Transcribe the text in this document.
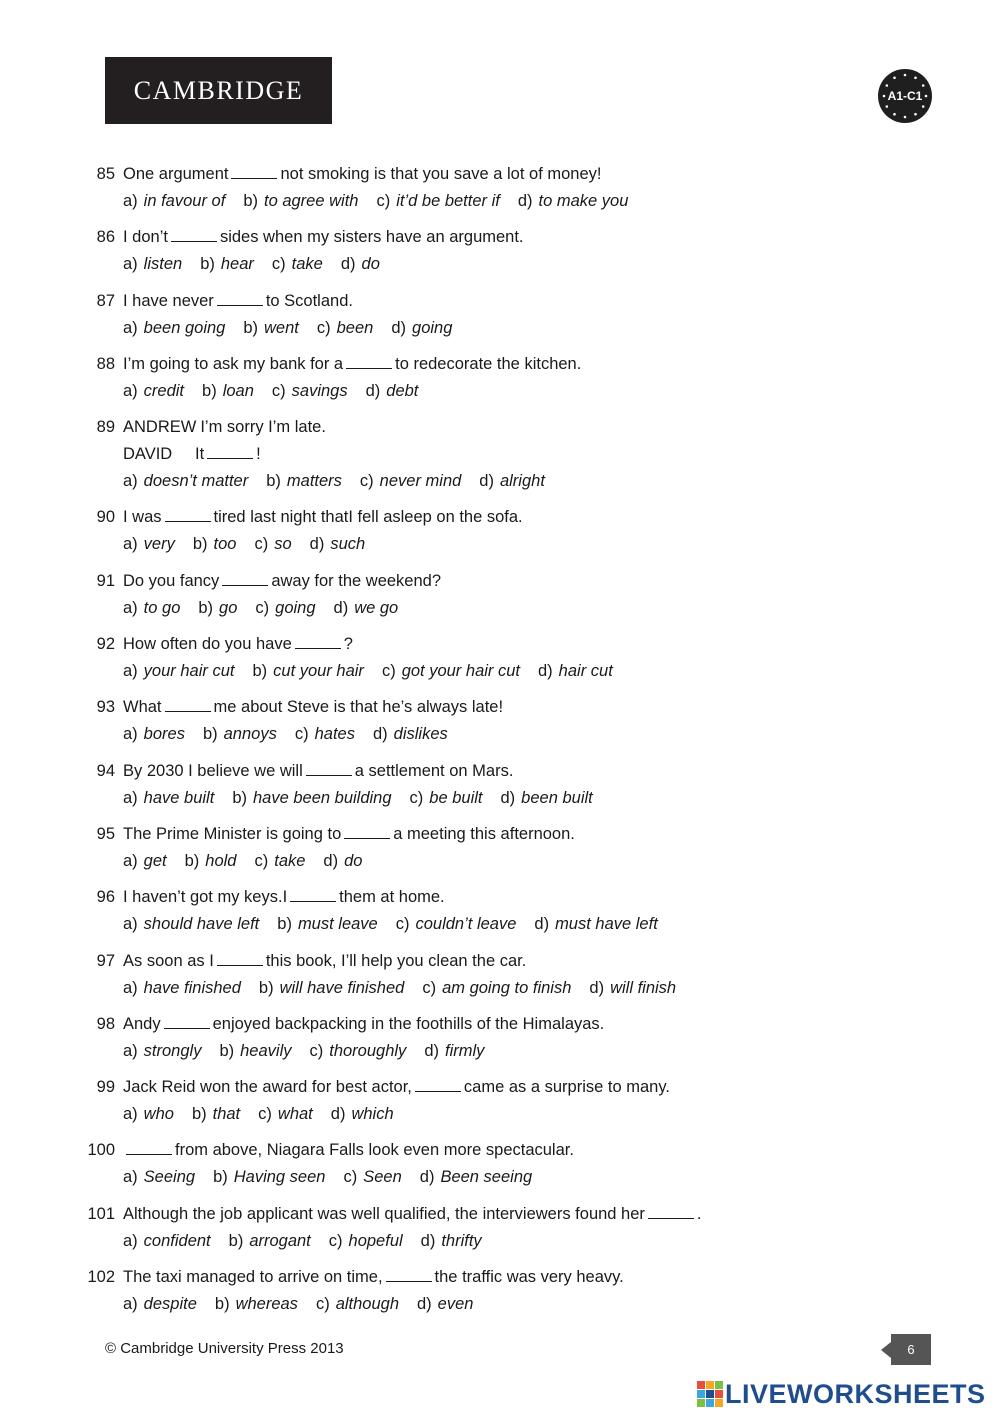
CAMBRIDGE	A1-C1
85 One argument	not smoking is that you save a lot of money!
a) in favour of b) to agree with c) it’d be better if d) to make you
86 I don’t	sides when my sisters have an argument.
a) listen b) hear c) take d) do
87 I have never	to Scotland.
a) been going b) went c) been d) going
88 I’m going to ask my bank for a	to redecorate the kitchen.
a) credit b) loan c) savings d) debt
89 ANDREW I’m sorry I’m late.
DAVID It	!
a) doesn’t matter b) matters c) never mind d) alright
90 I was	tired last night thatI fell asleep on the sofa.
a) very b) too c) so d) such
91 Do you fancy	away for the weekend?
a) to go b) go c) going d) we go
92 How often do you have	?
a) your hair cut b) cut your hair c) got your hair cut d) hair cut
93 What	me about Steve is that he’s always late!
a) bores b) annoys c) hates d) dislikes
94 By 2030 I believe we will	a settlement on Mars.
a) have built b) have been building c) be built d) been built
95 The Prime Minister is going to	a meeting this afternoon.
a) get b) hold c) take d) do
96 I haven’t got my keys.I	them at home.
a) should have left b) must leave c) couldn’t leave d) must have left
97 As soon as I	this book, I’ll help you clean the car.
a) have finished b) will have finished c) am going to finish d) will finish
98 Andy	enjoyed backpacking in the foothills of the Himalayas.
a) strongly b) heavily c) thoroughly d) firmly
99 Jack Reid won the award for best actor,	came as a surprise to many.
a) who b) that c) what d) which
100	from above, Niagara Falls look even more spectacular.
a) Seeing b) Having seen c) Seen d) Been seeing
101 Although the job applicant was well qualified, the interviewers found her	.
a) confident b) arrogant c) hopeful d) thrifty
102 The taxi managed to arrive on time,	the traffic was very heavy.
a) despite b) whereas c) although d) even
© Cambridge University Press 2013	6
LIVEWORKSHEETS
